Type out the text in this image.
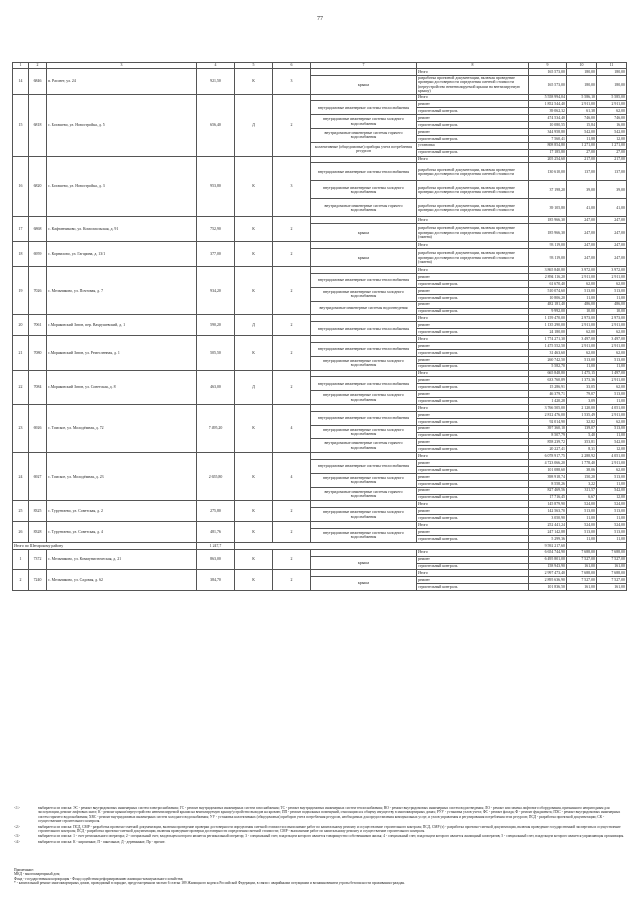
77
1	2	3	4	5	6	7	8	9	10	11
14	6846	п. Рассвет, ул. 24	921,50	К	3		Итого	165 573,00	180,00	180,00
						крыша	разработка проектной документации, включая проведение проверки достоверности определения сметной стоимости (переустройство невентилируемой крыши на вентилируемую крышу)	165 573,00	180,00	180,00
15	6818	с. Богашево, ул. Новостройка, д. 5	656,40	Д	2		Итого	5 558 994,04	5 586,10	5 585,00
						внутридомовые инженерные системы теплоснабжения	ремонт	1 852 544,40	2 911,00	2 911,00
							строительный контроль	39 062,32	61,38	62,00
						внутридомовые инженерные системы холодного водоснабжения	ремонт	474 534,40	746,00	746,00
							строительный контроль	10 080,55	15,84	16,00
						внутридомовые инженерные системы горячего водоснабжения	ремонт	344 958,80	542,00	542,00
							строительный контроль	7 560,41	11,88	12,00
						коллективные (общедомовые) приборы учета потребления ресурсов	установка	808 854,80	1 271,00	1 271,00
							строительный контроль	17 185,80	27,00	27,00
16	6820	с. Богашево, ул. Новостройка, д. 3	953,80	К	3		Итого	205 254,60	217,00	217,00
						внутридомовые инженерные системы теплоснабжения	разработка проектной документации, включая проведение проверки достоверности определения сметной стоимости	130 610,00	137,00	137,00
						внутридомовые инженерные системы холодного водоснабжения	разработка проектной документации, включая проведение проверки достоверности определения сметной стоимости	37 198,20	39,00	39,00
						внутридомовые инженерные системы горячего водоснабжения	разработка проектной документации, включая проведение проверки достоверности определения сметной стоимости	39 105,80	41,00	41,00
17	6868	с. Кафтанчиково, ул. Комсомольская, д. 91	752,90	К	2		Итого	185 966,30	247,00	247,00
						крыша	разработка проектной документации, включая проведение проверки достоверности определения сметной стоимости (замена)	185 966,30	247,00	247,00
18	6959	с. Корнилово, ул. Гагарина, д. 13/1	377,00	К	2		Итого	93 119,00	247,00	247,00
						крыша	разработка проектной документации, включая проведение проверки достоверности определения сметной стоимости (замена)	93 119,00	247,00	247,00
19	7026	с. Мельниково, ул. Почтовая, д. 7	934,20	К	2		Итого	3 865 840,80	3 972,00	3 972,00
						внутридомовые инженерные системы теплоснабжения	ремонт	2 894 116,20	2 911,00	2 911,00
							строительный контроль	61 670,40	62,00	62,00
						внутридомовые инженерные системы холодного водоснабжения	ремонт	510 074,60	513,00	513,00
							строительный контроль	10 806,20	11,00	11,00
						внутридомовые инженерные системы водоотведения	ремонт	482 181,40	486,00	486,00
							строительный контроль	9 992,00	10,00	10,00
20	7061	с.Моряковский Затон, пер. Вахрушевский, д. 1	590,20	Д	2		Итого	1 159 470,00	2 973,00	2 973,00
						внутридомовые инженерные системы теплоснабжения	ремонт	1 135 290,00	2 911,00	2 911,00
							строительный контроль	24 180,00	62,00	62,00
21	7080	с.Моряковский Затон, ул. Ремесленная, д. 1	505,50	К	2		Итого	1 774 271,30	3 497,00	3 497,00
						внутридомовые инженерные системы теплоснабжения	ремонт	1 475 552,50	2 911,00	2 911,00
							строительный контроль	31 463,60	62,00	62,00
						внутридомовые инженерные системы холодного водоснабжения	ремонт	260 742,50	513,00	513,00
							строительный контроль	5 582,70	11,00	11,00
22	7084	с.Моряковский Затон, ул. Советская, д. 8	463,00	Д	2		Итого	665 848,80	1 475,15	1 497,00
						внутридомовые инженерные системы теплоснабжения	ремонт	633 760,89	1 373,36	2 911,00
							строительный контроль	15 286,91	33,05	62,00
						внутридомовые инженерные системы холодного водоснабжения	ремонт	46 379,71	79,07	513,00
							строительный контроль	1 420,28	3,09	11,00
23	6926	с. Томское, ул. Молодёжная, д. 72	7 495,20	К	4		Итого	3 766 505,00	2 120,00	4 051,00
						внутридомовые инженерные системы теплоснабжения	ремонт	2 812 476,00	1 535,49	2 911,00
							строительный контроль	92 014,90	32,82	62,00
						внутридомовые инженерные системы холодного водоснабжения	ремонт	397 360,10	139,07	513,00
							строительный контроль	8 507,79	5,40	11,00
						внутридомовые инженерные системы горячего водоснабжения	ремонт	858 239,72	353,81	542,00
							строительный контроль	20 227,41	8,31	12,00
24	6927	с. Томское, ул. Молодёжная, д. 23	2 655,80	К	4		Итого	6 078 917,75	2 288,92	4 051,00
						внутридомовые инженерные системы теплоснабжения	ремонт	4 723 066,20	1 778,40	2 911,00
							строительный контроль	101 088,60	38,06	62,00
						внутридомовые инженерные системы холодного водоснабжения	ремонт	398 918,74	150,20	513,00
							строительный контроль	8 558,26	3,22	11,00
						внутридомовые инженерные системы горячего водоснабжения	ремонт	827 469,56	311,57	542,00
							строительный контроль	17 716,45	6,67	12,00
25	8325	с. Турунтаево, ул. Советская, д. 2	275,80	К	2		Итого	145 879,90	524,00	524,00
						внутридомовые инженерные системы холодного водоснабжения	ремонт	142 563,70	513,00	513,00
							строительный контроль	3 050,90	11,00	11,00
26	8328	с. Турунтаево, ул. Советская, д. 4	481,76	К	2		Итого	252 441,24	524,00	524,00
						внутридомовые инженерные системы холодного водоснабжения	ремонт	247 142,88	513,00	513,00
							строительный контроль	5 299,36	11,00	11,00
Итого по Шегарскому району			1 247,7					9 592 217,60		
1	7372	с. Мельниково, ул. Коммунистическая, д. 21	863,00	К	2		Итого	6 654 744,90	7 688,00	7 688,00
						крыша	ремонт	6 495 801,00	7 527,00	7 527,00
							строительный контроль	158 943,90	161,00	161,00
2	7240	с. Мельниково, ул. Садовая, д. 62	384,70	К	2		Итого	2 997 473,40	7 688,00	7 688,00
						крыша	ремонт	2 895 636,90	7 527,00	7 527,00
							строительный контроль	101 836,50	161,00	161,00
<1>	выбирается из списка: ЭС - ремонт внутридомовых инженерных систем электроснабжения; ГС - ремонт внутридомовых инженерных систем газоснабжения; ТС - ремонт внутридомовых инженерных систем теплоснабжения; ВО - ремонт внутридомовых инженерных систем водоотведения; ЛО - ремонт или замена лифтового оборудования, признанного непригодным для эксплуатации, ремонт лифтовых шахт; К - ремонт крыши/переустройство невентилируемой крыши на вентилируемую крышу/устройство выходов на кровлю; ПП - ремонт подвальных помещений, относящихся к общему имуществу в многоквартирных домах; РУУ - установка узлов учета; ФС - ремонт фасада; Ф - ремонт фундамента; ПХС - ремонт внутридомовых инженерных систем горячего водоснабжения; ХВС - ремонт внутридомовых инженерных систем холодного водоснабжения; УУ - установка коллективных (общедомовых) приборов учета потребления ресурсов, необходимых для предоставления коммунальных услуг, и узлов управления и регулирования потребления этих ресурсов; ПСД - разработка проектной документации; СК - осуществление строительного контроля.
<2>	выбирается из списка: ПСД, СМР - разработка проектно-сметной документации, включая проведение проверки достоверности определения сметной стоимости и выполнение работ по капитальному ремонту и осуществление строительного контроля; ПСД, СМР (э) - разработка проектно-сметной документации, включая проведение государственной экспертизы и осуществление строительного контроля; ПСД - разработка проектно-сметной документации, включая проведение проверки достоверности определения сметной стоимости; СМР - выполнение работ по капитальному ремонту и осуществление строительного контроля.
<3>	выбирается из списка: 1 - счет регионального оператора; 2 - специальный счет, владельцем которого является региональный оператор; 3 - специальный счет, владельцем которого является товарищество собственников жилья; 4 - специальный счет, владельцем которого является жилищный кооператив; 5 - специальный счет, владельцем которого является управляющая организация.
<4>	выбирается из списка: К - кирпичные, П - панельные, Д - деревянные, Пр - прочие.
Примечание:
МКД - многоквартирный дом;
Фонд - государственная корпорация - Фонд содействия реформированию жилищно-коммунального хозяйства;
* - капитальный ремонт многоквартирных домов, проводимый в порядке, предусмотренном частью 6 статьи 189 Жилищного кодекса Российской Федерации, в связи с аварийными ситуациями и возникновением угрозы безопасности проживания граждан.
